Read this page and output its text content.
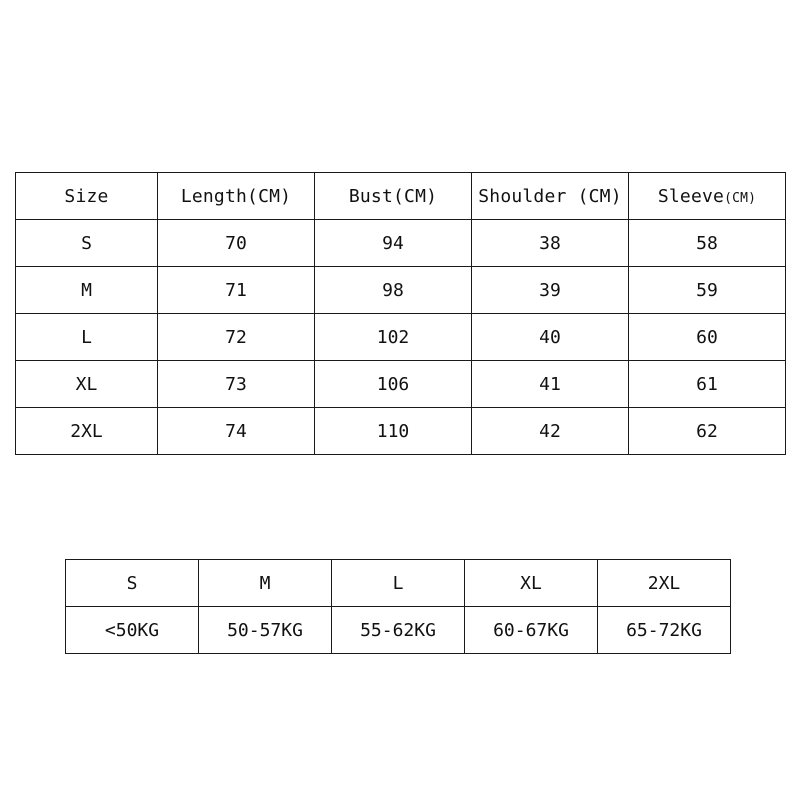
Size	Length(CM)	Bust(CM)	Shoulder (CM)	Sleeve(CM)
S	70	94	38	58
M	71	98	39	59
L	72	102	40	60
XL	73	106	41	61
2XL	74	110	42	62
S	M	L	XL	2XL
<50KG	50-57KG	55-62KG	60-67KG	65-72KG
